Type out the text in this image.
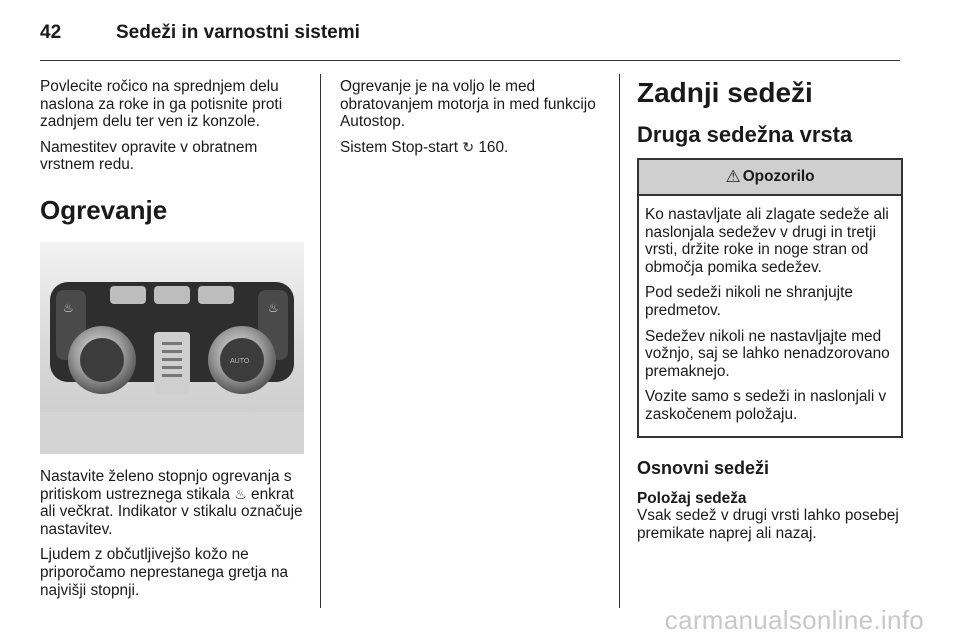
42	Sedeži in varnostni sistemi

Povlecite ročico na sprednjem delu naslona za roke in ga potisnite proti zadnjem delu ter ven iz konzole.

Namestitev opravite v obratnem vrstnem redu.

Ogrevanje
♨	♨
AUTO

Nastavite želeno stopnjo ogrevanja s pritiskom ustreznega stikala ♨ enkrat ali večkrat. Indikator v stikalu označuje nastavitev.

Ljudem z občutljivejšo kožo ne priporočamo neprestanega gretja na najvišji stopnji.

Ogrevanje je na voljo le med obratovanjem motorja in med funkcijo Autostop.

Sistem Stop-start ↻ 160.

Zadnji sedeži
Druga sedežna vrsta
⚠ Opozorilo

Ko nastavljate ali zlagate sedeže ali naslonjala sedežev v drugi in tretji vrsti, držite roke in noge stran od območja pomika sedežev.

Pod sedeži nikoli ne shranjujte predmetov.

Sedežev nikoli ne nastavljajte med vožnjo, saj se lahko nenadzorovano premaknejo.

Vozite samo s sedeži in naslonjali v zaskočenem položaju.

Osnovni sedeži
Položaj sedeža

Vsak sedež v drugi vrsti lahko posebej premikate naprej ali nazaj.

carmanualsonline.info
